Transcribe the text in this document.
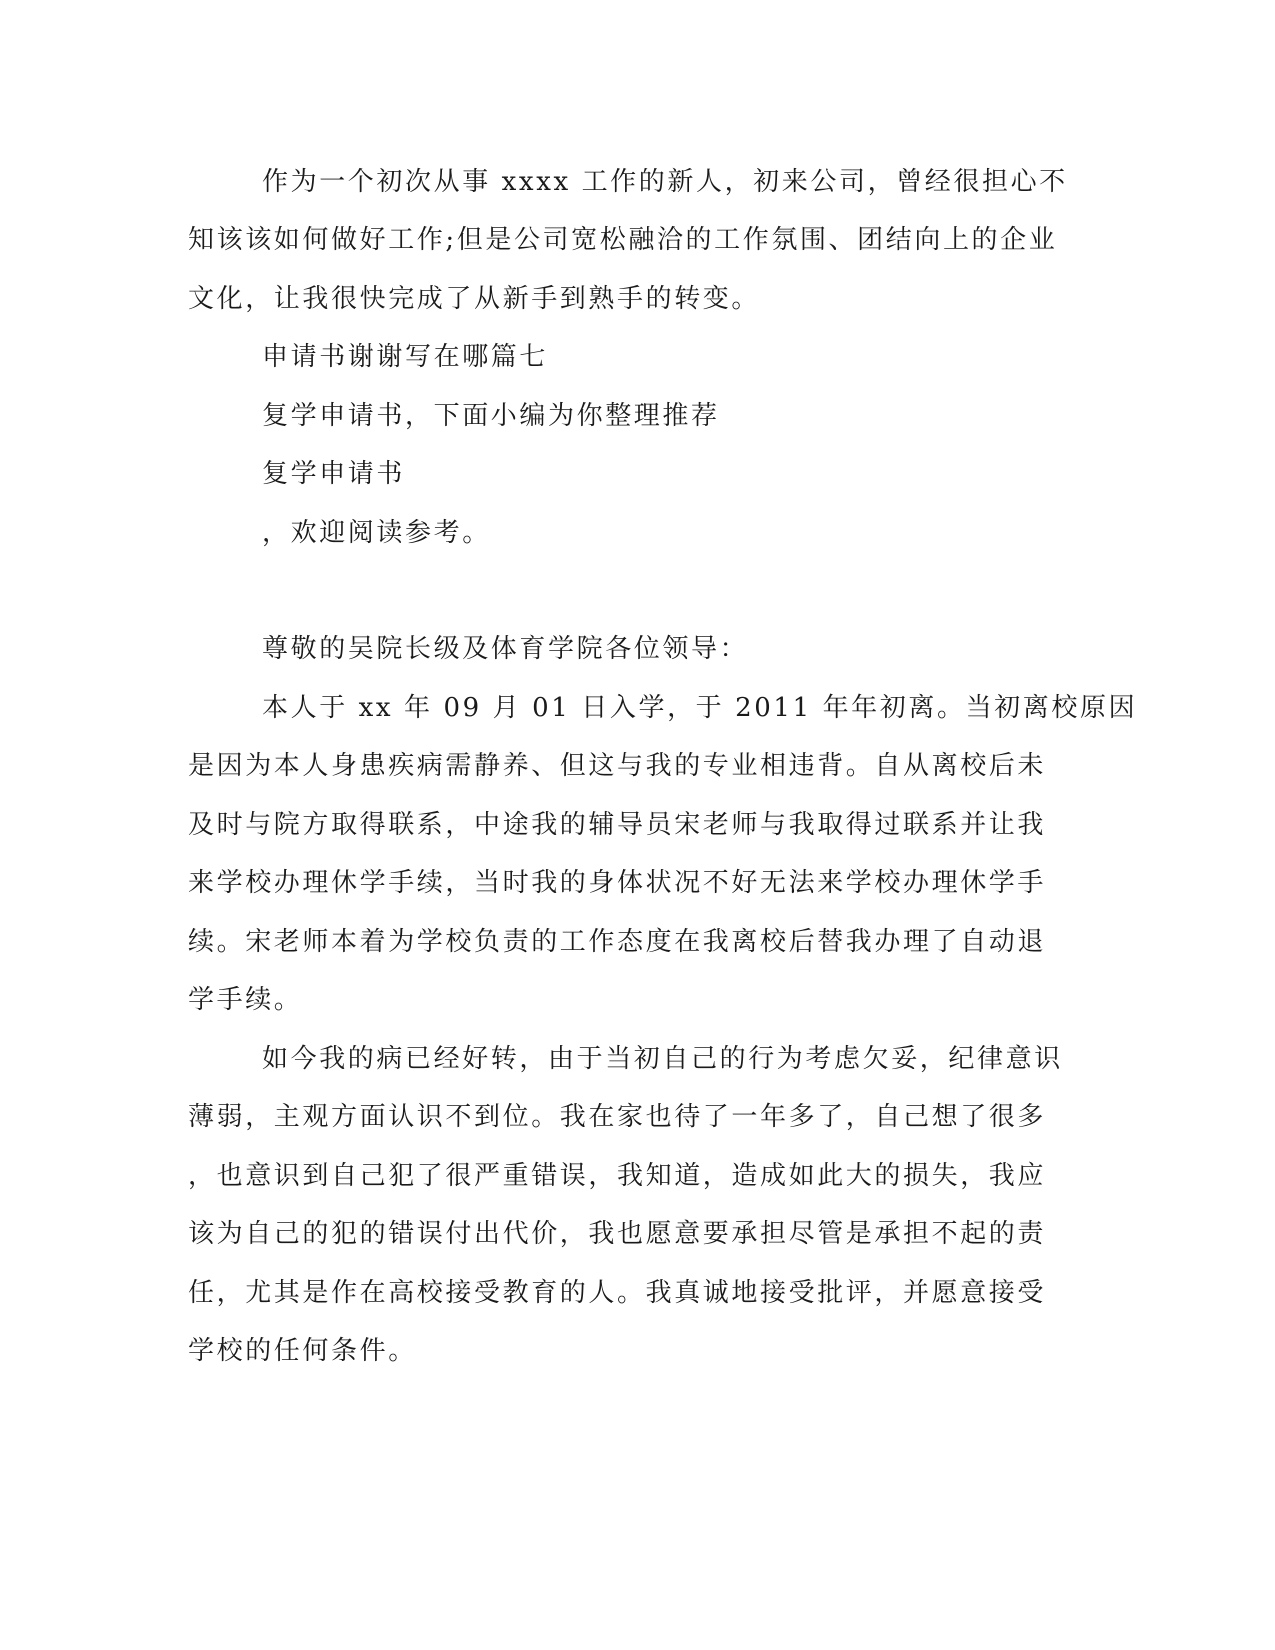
作为一个初次从事 xxxx 工作的新人，初来公司，曾经很担心不
知该该如何做好工作;但是公司宽松融洽的工作氛围、团结向上的企业
文化，让我很快完成了从新手到熟手的转变。
申请书谢谢写在哪篇七
复学申请书，下面小编为你整理推荐
复学申请书
，欢迎阅读参考。
尊敬的吴院长级及体育学院各位领导：
本人于 xx 年 09 月 01 日入学，于 2011 年年初离。当初离校原因
是因为本人身患疾病需静养、但这与我的专业相违背。自从离校后未
及时与院方取得联系，中途我的辅导员宋老师与我取得过联系并让我
来学校办理休学手续，当时我的身体状况不好无法来学校办理休学手
续。宋老师本着为学校负责的工作态度在我离校后替我办理了自动退
学手续。
如今我的病已经好转，由于当初自己的行为考虑欠妥，纪律意识
薄弱，主观方面认识不到位。我在家也待了一年多了，自己想了很多
，也意识到自己犯了很严重错误，我知道，造成如此大的损失，我应
该为自己的犯的错误付出代价，我也愿意要承担尽管是承担不起的责
任，尤其是作在高校接受教育的人。我真诚地接受批评，并愿意接受
学校的任何条件。
